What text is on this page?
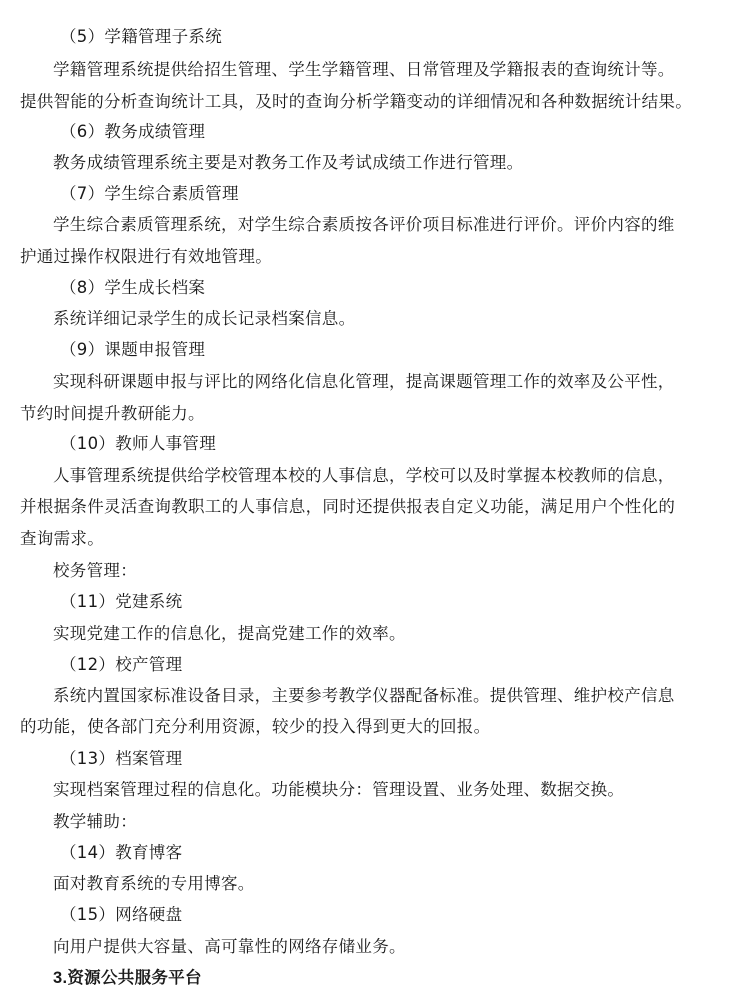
（5）学籍管理子系统
学籍管理系统提供给招生管理、学生学籍管理、日常管理及学籍报表的查询统计等。
提供智能的分析查询统计工具，及时的查询分析学籍变动的详细情况和各种数据统计结果。
（6）教务成绩管理
教务成绩管理系统主要是对教务工作及考试成绩工作进行管理。
（7）学生综合素质管理
学生综合素质管理系统，对学生综合素质按各评价项目标准进行评价。评价内容的维
护通过操作权限进行有效地管理。
（8）学生成长档案
系统详细记录学生的成长记录档案信息。
（9）课题申报管理
实现科研课题申报与评比的网络化信息化管理，提高课题管理工作的效率及公平性，
节约时间提升教研能力。
（10）教师人事管理
人事管理系统提供给学校管理本校的人事信息，学校可以及时掌握本校教师的信息，
并根据条件灵活查询教职工的人事信息，同时还提供报表自定义功能，满足用户个性化的
查询需求。
校务管理：
（11）党建系统
实现党建工作的信息化，提高党建工作的效率。
（12）校产管理
系统内置国家标准设备目录，主要参考教学仪器配备标准。提供管理、维护校产信息
的功能，使各部门充分利用资源，较少的投入得到更大的回报。
（13）档案管理
实现档案管理过程的信息化。功能模块分：管理设置、业务处理、数据交换。
教学辅助：
（14）教育博客
面对教育系统的专用博客。
（15）网络硬盘
向用户提供大容量、高可靠性的网络存储业务。
3.资源公共服务平台
